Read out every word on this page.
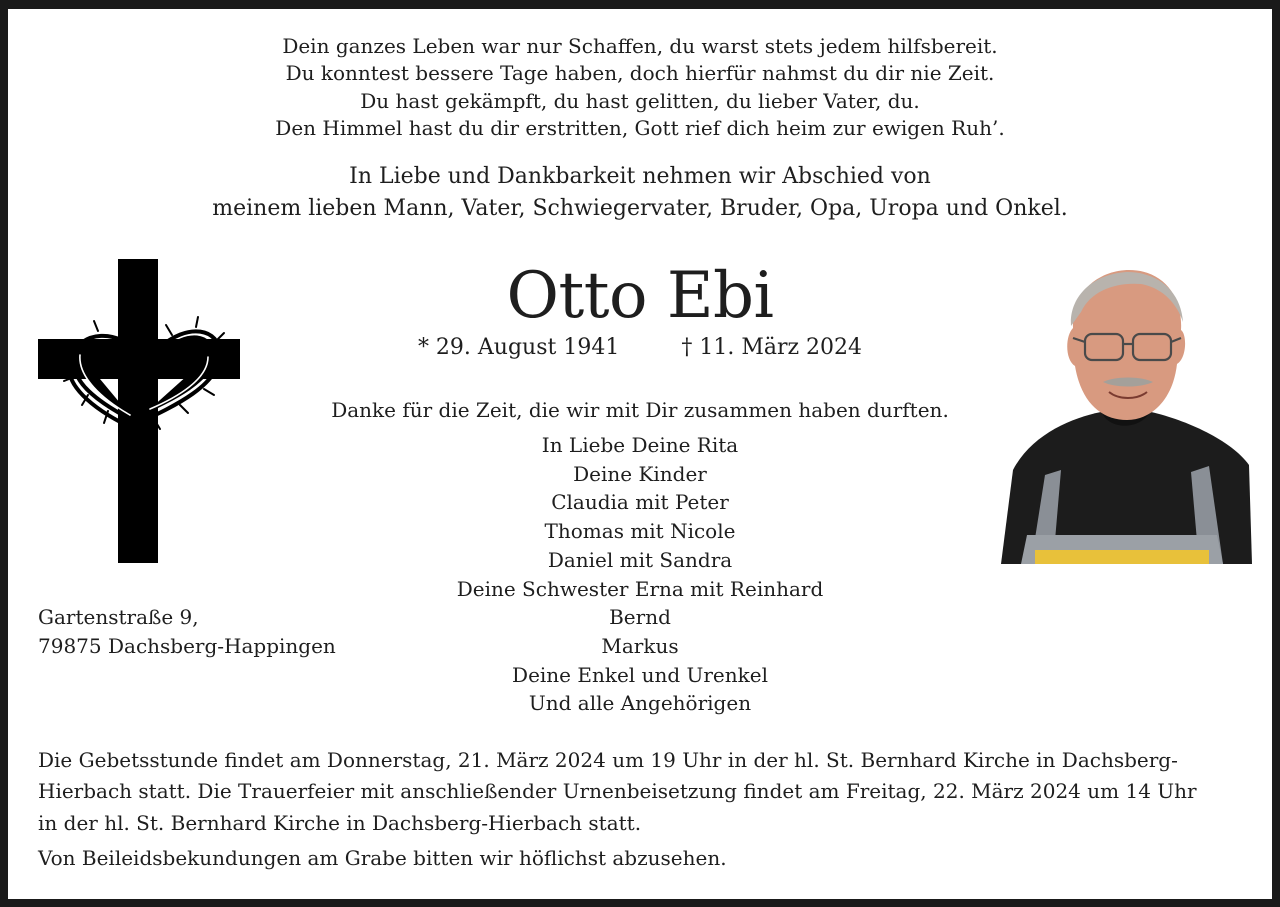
Dein ganzes Leben war nur Schaffen, du warst stets jedem hilfsbereit.
Du konntest bessere Tage haben, doch hierfür nahmst du dir nie Zeit.
Du hast gekämpft, du hast gelitten, du lieber Vater, du.
Den Himmel hast du dir erstritten, Gott rief dich heim zur ewigen Ruh’.
In Liebe und Dankbarkeit nehmen wir Abschied von
meinem lieben Mann, Vater, Schwiegervater, Bruder, Opa, Uropa und Onkel.
Otto Ebi
* 29. August 1941	† 11. März 2024
Danke für die Zeit, die wir mit Dir zusammen haben durften.
In Liebe Deine Rita
Deine Kinder
Claudia mit Peter
Thomas mit Nicole
Daniel mit Sandra
Deine Schwester Erna mit Reinhard
Bernd
Markus
Deine Enkel und Urenkel
Und alle Angehörigen
Gartenstraße 9,
79875 Dachsberg-Happingen
Die Gebetsstunde findet am Donnerstag, 21. März 2024 um 19 Uhr in der hl. St. Bernhard Kirche in Dachsberg-
Hierbach statt. Die Trauerfeier mit anschließender Urnenbeisetzung findet am Freitag, 22. März 2024 um 14 Uhr
in der hl. St. Bernhard Kirche in Dachsberg-Hierbach statt.
Von Beileidsbekundungen am Grabe bitten wir höflichst abzusehen.
